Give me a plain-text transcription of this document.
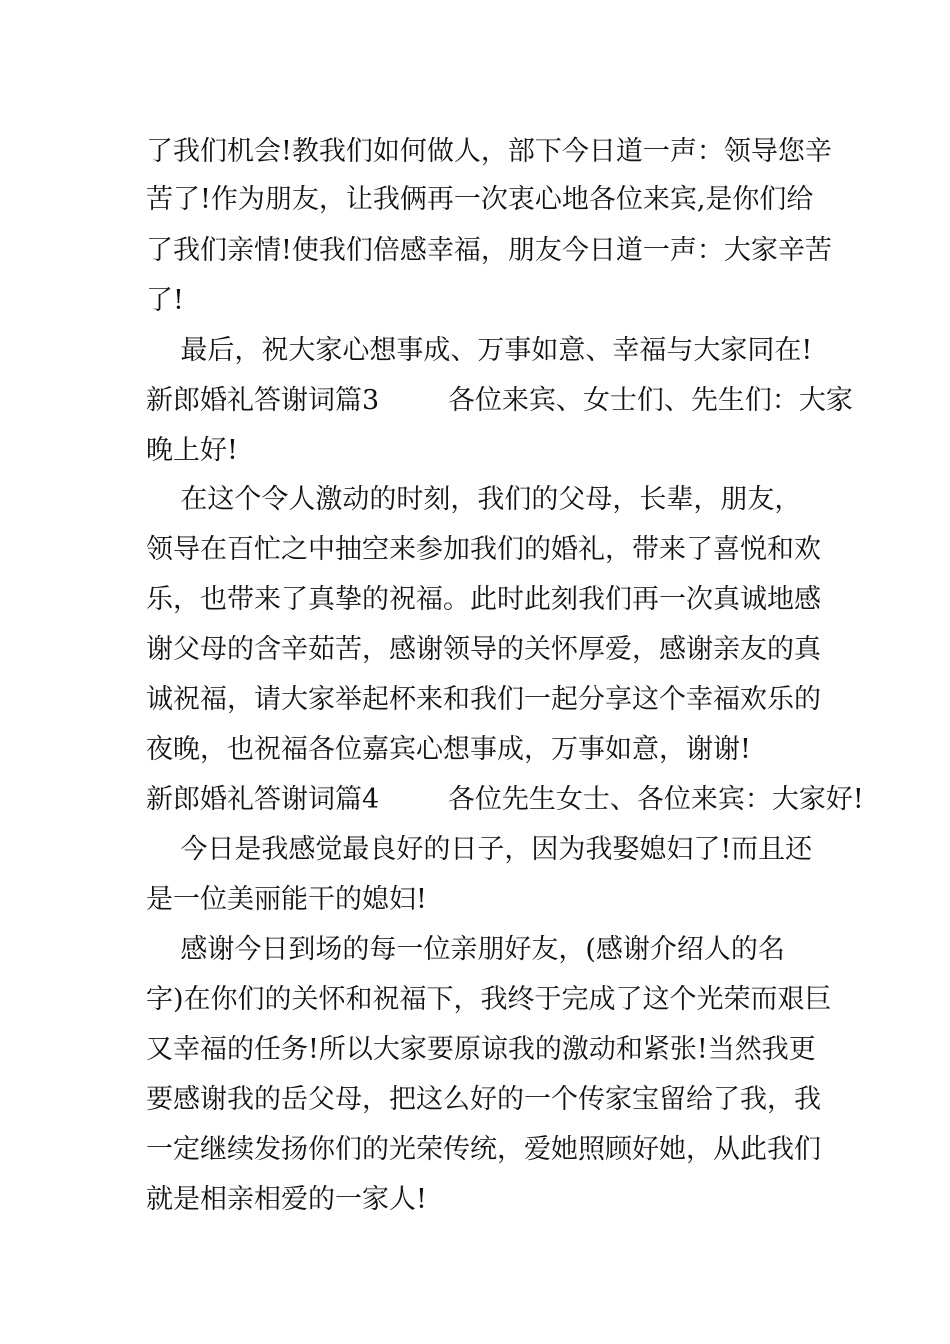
了我们机会!教我们如何做人，部下今日道一声：领导您辛
苦了!作为朋友，让我俩再一次衷心地各位来宾,是你们给
了我们亲情!使我们倍感幸福，朋友今日道一声：大家辛苦
了!
最后，祝大家心想事成、万事如意、幸福与大家同在!
新郎婚礼答谢词篇3        各位来宾、女士们、先生们：大家
晚上好!
在这个令人激动的时刻，我们的父母，长辈，朋友，
领导在百忙之中抽空来参加我们的婚礼，带来了喜悦和欢
乐，也带来了真挚的祝福。此时此刻我们再一次真诚地感
谢父母的含辛茹苦，感谢领导的关怀厚爱，感谢亲友的真
诚祝福，请大家举起杯来和我们一起分享这个幸福欢乐的
夜晚，也祝福各位嘉宾心想事成，万事如意，谢谢!
新郎婚礼答谢词篇4        各位先生女士、各位来宾：大家好!
今日是我感觉最良好的日子，因为我娶媳妇了!而且还
是一位美丽能干的媳妇!
感谢今日到场的每一位亲朋好友，(感谢介绍人的名
字)在你们的关怀和祝福下，我终于完成了这个光荣而艰巨
又幸福的任务!所以大家要原谅我的激动和紧张!当然我更
要感谢我的岳父母，把这么好的一个传家宝留给了我，我
一定继续发扬你们的光荣传统，爱她照顾好她，从此我们
就是相亲相爱的一家人!
